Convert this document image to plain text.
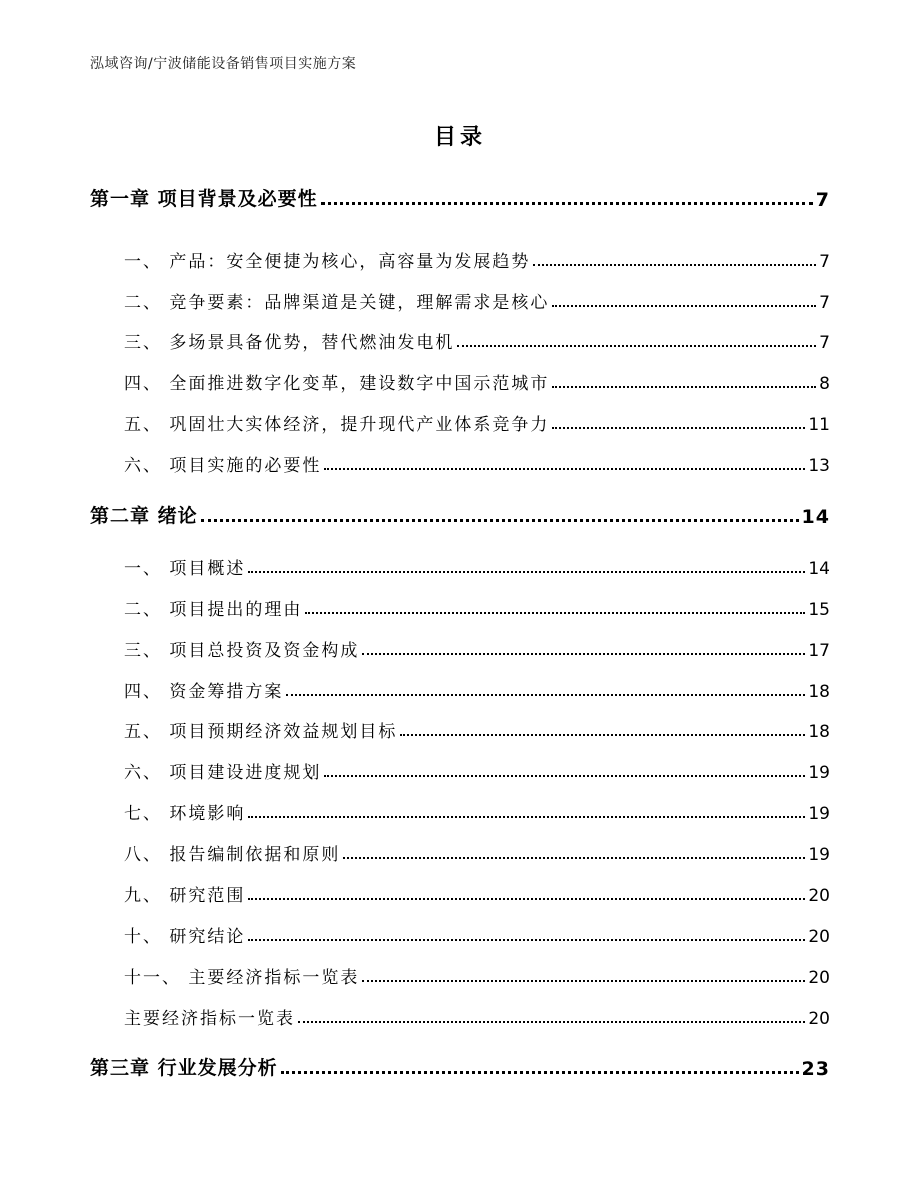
泓域咨询/宁波储能设备销售项目实施方案
目录
第一章 项目背景及必要性	7
一、 产品：安全便捷为核心，高容量为发展趋势	7
二、 竞争要素：品牌渠道是关键，理解需求是核心	7
三、 多场景具备优势，替代燃油发电机	7
四、 全面推进数字化变革，建设数字中国示范城市	8
五、 巩固壮大实体经济，提升现代产业体系竞争力	11
六、 项目实施的必要性	13
第二章 绪论	14
一、 项目概述	14
二、 项目提出的理由	15
三、 项目总投资及资金构成	17
四、 资金筹措方案	18
五、 项目预期经济效益规划目标	18
六、 项目建设进度规划	19
七、 环境影响	19
八、 报告编制依据和原则	19
九、 研究范围	20
十、 研究结论	20
十一、 主要经济指标一览表	20
主要经济指标一览表	20
第三章 行业发展分析	23
